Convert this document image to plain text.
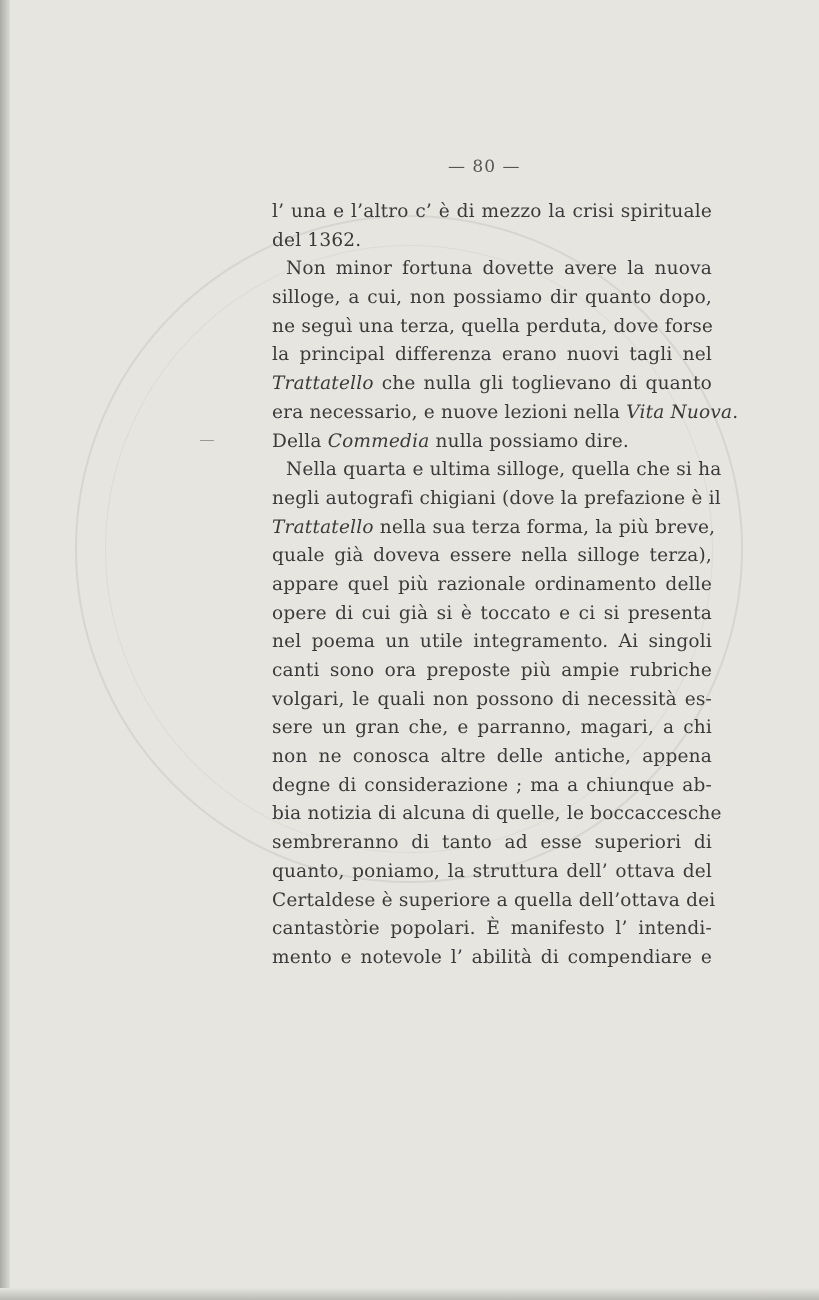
— 80 —
l’ una e l’altro c’ è di mezzo la crisi spirituale
del 1362.
Non minor fortuna dovette avere la nuova
silloge, a cui, non possiamo dir quanto dopo,
ne seguì una terza, quella perduta, dove forse
la principal differenza erano nuovi tagli nel
Trattatello che nulla gli toglievano di quanto
era necessario, e nuove lezioni nella Vita Nuova.
Della Commedia nulla possiamo dire.
Nella quarta e ultima silloge, quella che si ha
negli autografi chigiani (dove la prefazione è il
Trattatello nella sua terza forma, la più breve,
quale già doveva essere nella silloge terza),
appare quel più razionale ordinamento delle
opere di cui già si è toccato e ci si presenta
nel poema un utile integramento. Ai singoli
canti sono ora preposte più ampie rubriche
volgari, le quali non possono di necessità es-
sere un gran che, e parranno, magari, a chi
non ne conosca altre delle antiche, appena
degne di considerazione ; ma a chiunque ab-
bia notizia di alcuna di quelle, le boccaccesche
sembreranno di tanto ad esse superiori di
quanto, poniamo, la struttura dell’ ottava del
Certaldese è superiore a quella dell’ottava dei
cantastòrie popolari. È manifesto l’ intendi-
mento e notevole l’ abilità di compendiare e
